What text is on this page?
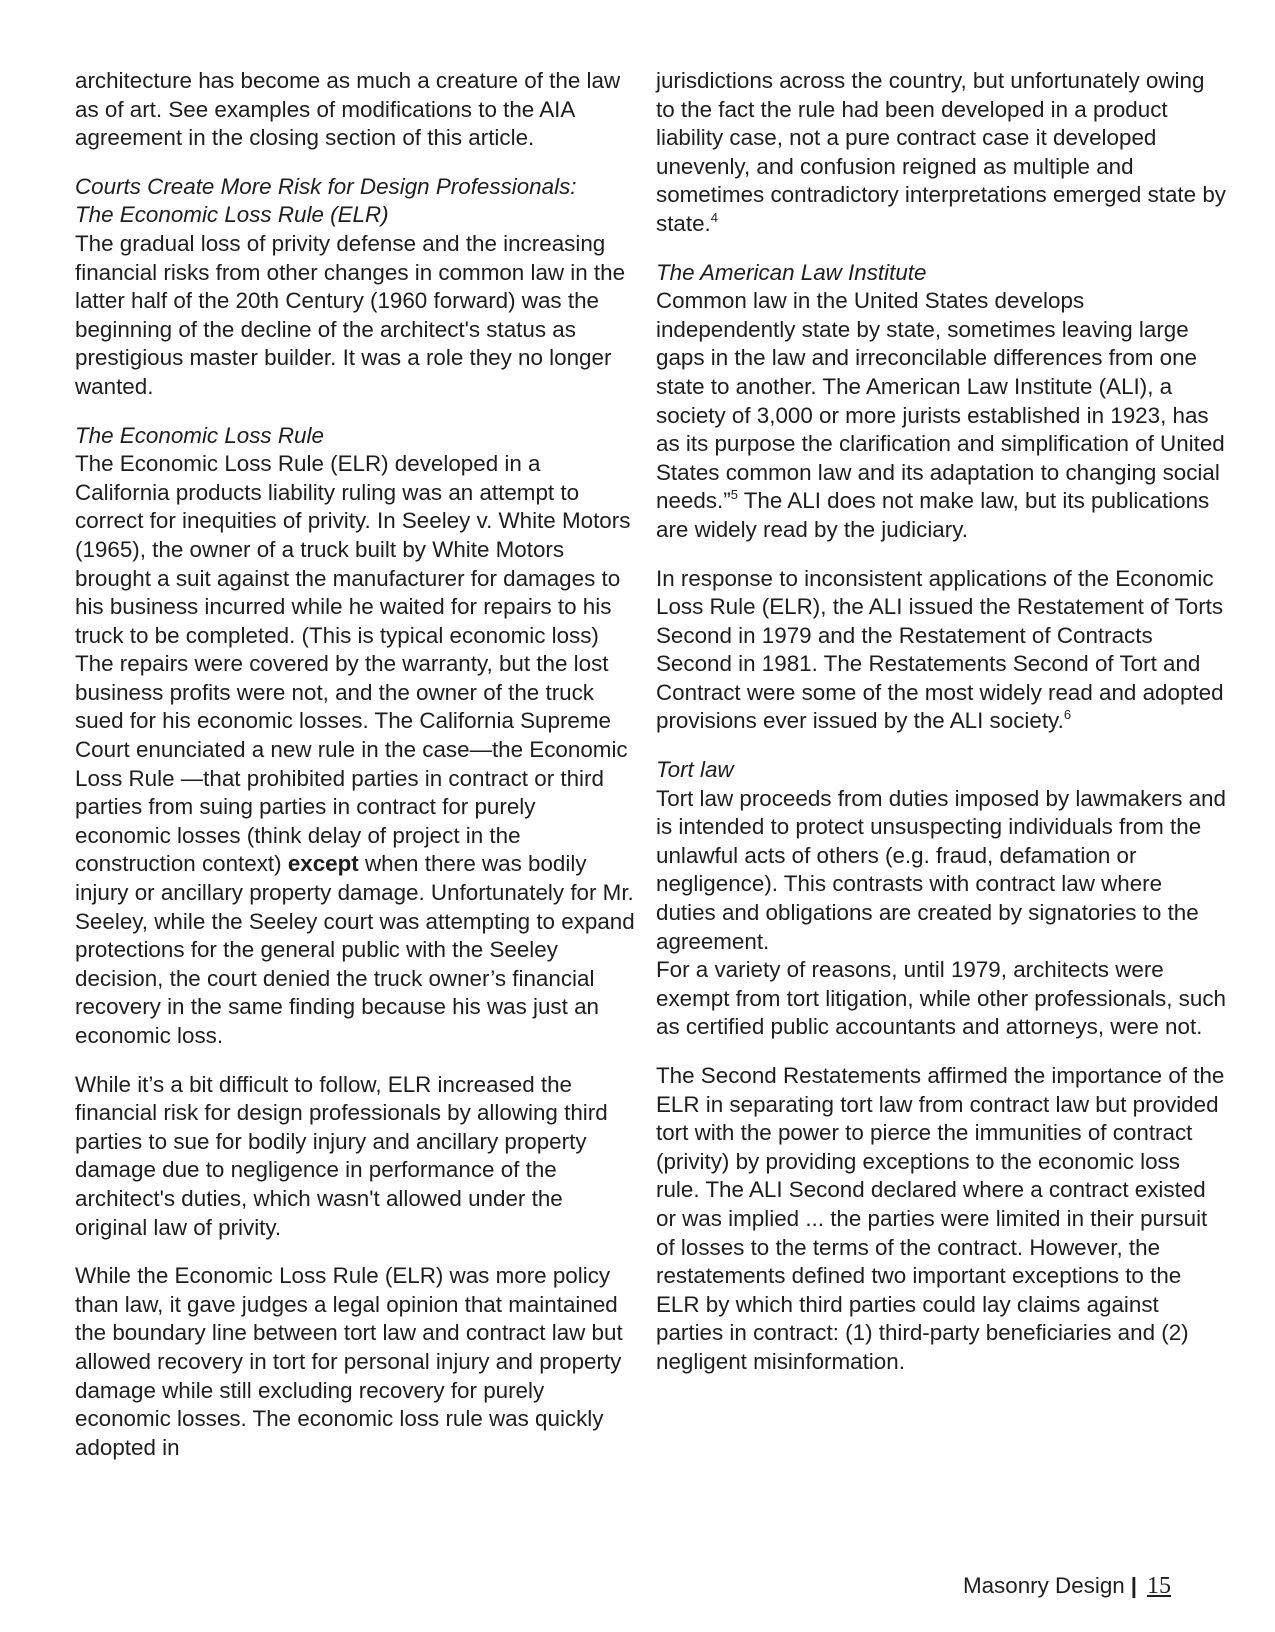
architecture has become as much a creature of the law as of art. See examples of modifications to the AIA agreement in the closing section of this article.

Courts Create More Risk for Design Professionals:
The Economic Loss Rule (ELR)

The gradual loss of privity defense and the increasing financial risks from other changes in common law in the latter half of the 20th Century (1960 forward) was the beginning of the decline of the architect's status as prestigious master builder. It was a role they no longer wanted.

The Economic Loss Rule

The Economic Loss Rule (ELR) developed in a California products liability ruling was an attempt to correct for inequities of privity. In Seeley v. White Motors (1965), the owner of a truck built by White Motors brought a suit against the manufacturer for damages to his business incurred while he waited for repairs to his truck to be completed. (This is typical economic loss) The repairs were covered by the warranty, but the lost business profits were not, and the owner of the truck sued for his economic losses. The California Supreme Court enunciated a new rule in the case—the Economic Loss Rule —that prohibited parties in contract or third parties from suing parties in contract for purely economic losses (think delay of project in the construction context) except when there was bodily injury or ancillary property damage. Unfortunately for Mr. Seeley, while the Seeley court was attempting to expand protections for the general public with the Seeley decision, the court denied the truck owner’s financial recovery in the same finding because his was just an economic loss.

While it’s a bit difficult to follow, ELR increased the financial risk for design professionals by allowing third parties to sue for bodily injury and ancillary property damage due to negligence in performance of the architect's duties, which wasn't allowed under the original law of privity.

While the Economic Loss Rule (ELR) was more policy than law, it gave judges a legal opinion that maintained the boundary line between tort law and contract law but allowed recovery in tort for personal injury and property damage while still excluding recovery for purely economic losses. The economic loss rule was quickly adopted in

jurisdictions across the country, but unfortunately owing to the fact the rule had been developed in a product liability case, not a pure contract case it developed unevenly, and confusion reigned as multiple and sometimes contradictory interpretations emerged state by state.$^4$

The American Law Institute

Common law in the United States develops independently state by state, sometimes leaving large gaps in the law and irreconcilable differences from one state to another. The American Law Institute (ALI), a society of 3,000 or more jurists established in 1923, has as its purpose the clarification and simplification of United States common law and its adaptation to changing social needs.”$^5$ The ALI does not make law, but its publications are widely read by the judiciary.

In response to inconsistent applications of the Economic Loss Rule (ELR), the ALI issued the Restatement of Torts Second in 1979 and the Restatement of Contracts Second in 1981. The Restatements Second of Tort and Contract were some of the most widely read and adopted provisions ever issued by the ALI society.$^6$

Tort law

Tort law proceeds from duties imposed by lawmakers and is intended to protect unsuspecting individuals from the unlawful acts of others (e.g. fraud, defamation or negligence). This contrasts with contract law where duties and obligations are created by signatories to the agreement.

For a variety of reasons, until 1979, architects were exempt from tort litigation, while other professionals, such as certified public accountants and attorneys, were not.

The Second Restatements affirmed the importance of the ELR in separating tort law from contract law but provided tort with the power to pierce the immunities of contract (privity) by providing exceptions to the economic loss rule. The ALI Second declared where a contract existed or was implied ... the parties were limited in their pursuit of losses to the terms of the contract. However, the restatements defined two important exceptions to the ELR by which third parties could lay claims against parties in contract: (1) third-party beneficiaries and (2) negligent misinformation.

Masonry Design | 15
